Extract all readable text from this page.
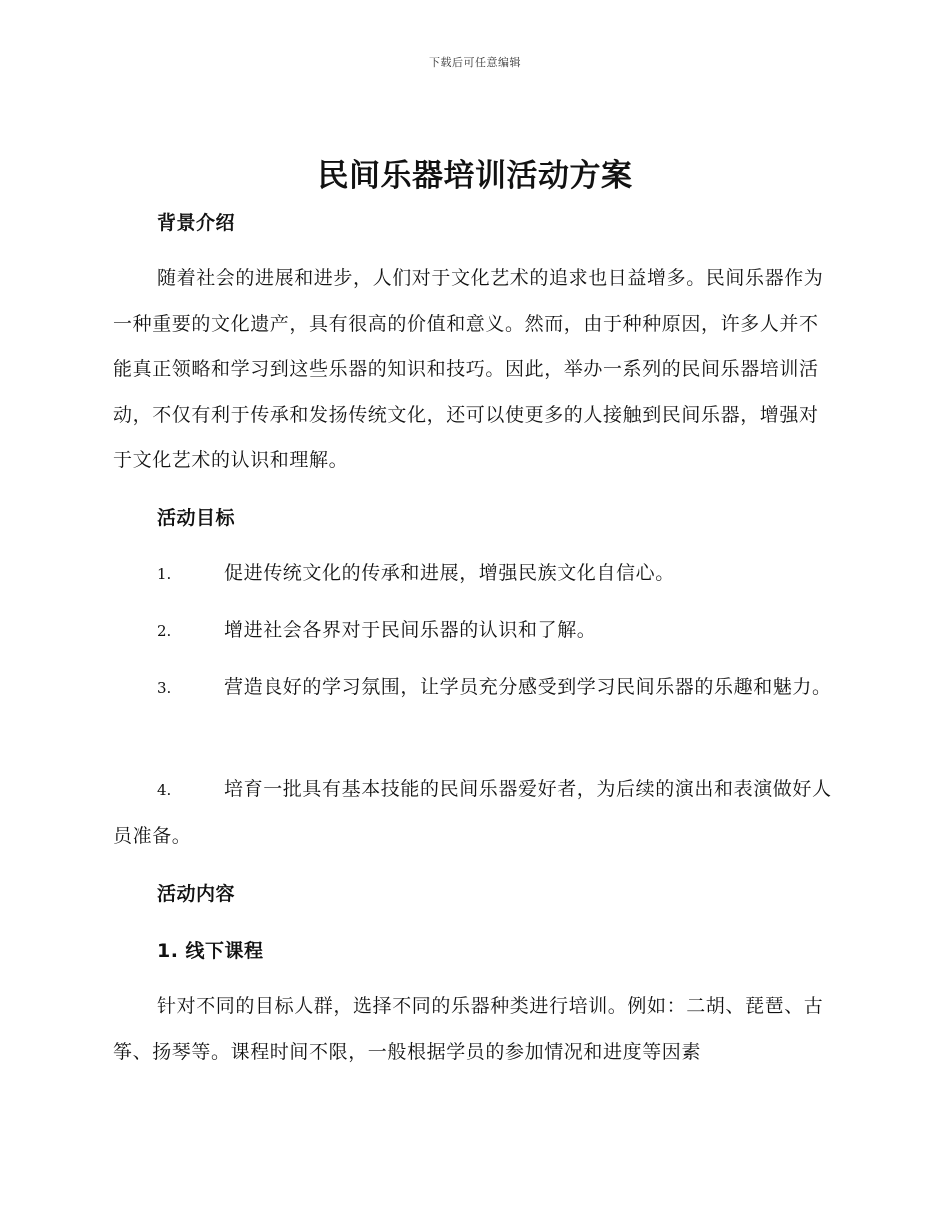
下载后可任意编辑
民间乐器培训活动方案
背景介绍

随着社会的进展和进步，人们对于文化艺术的追求也日益增多。民间乐器作为一种重要的文化遗产，具有很高的价值和意义。然而，由于种种原因，许多人并不能真正领略和学习到这些乐器的知识和技巧。因此，举办一系列的民间乐器培训活动，不仅有利于传承和发扬传统文化，还可以使更多的人接触到民间乐器，增强对于文化艺术的认识和理解。

活动目标
1.	促进传统文化的传承和进展，增强民族文化自信心。
2.	增进社会各界对于民间乐器的认识和了解。
3.	营造良好的学习氛围，让学员充分感受到学习民间乐器的乐趣和魅力。
4.	培育一批具有基本技能的民间乐器爱好者，为后续的演出和表演做好人员准备。
活动内容
1. 线下课程

针对不同的目标人群，选择不同的乐器种类进行培训。例如：二胡、琵琶、古筝、扬琴等。课程时间不限，一般根据学员的参加情况和进度等因素
